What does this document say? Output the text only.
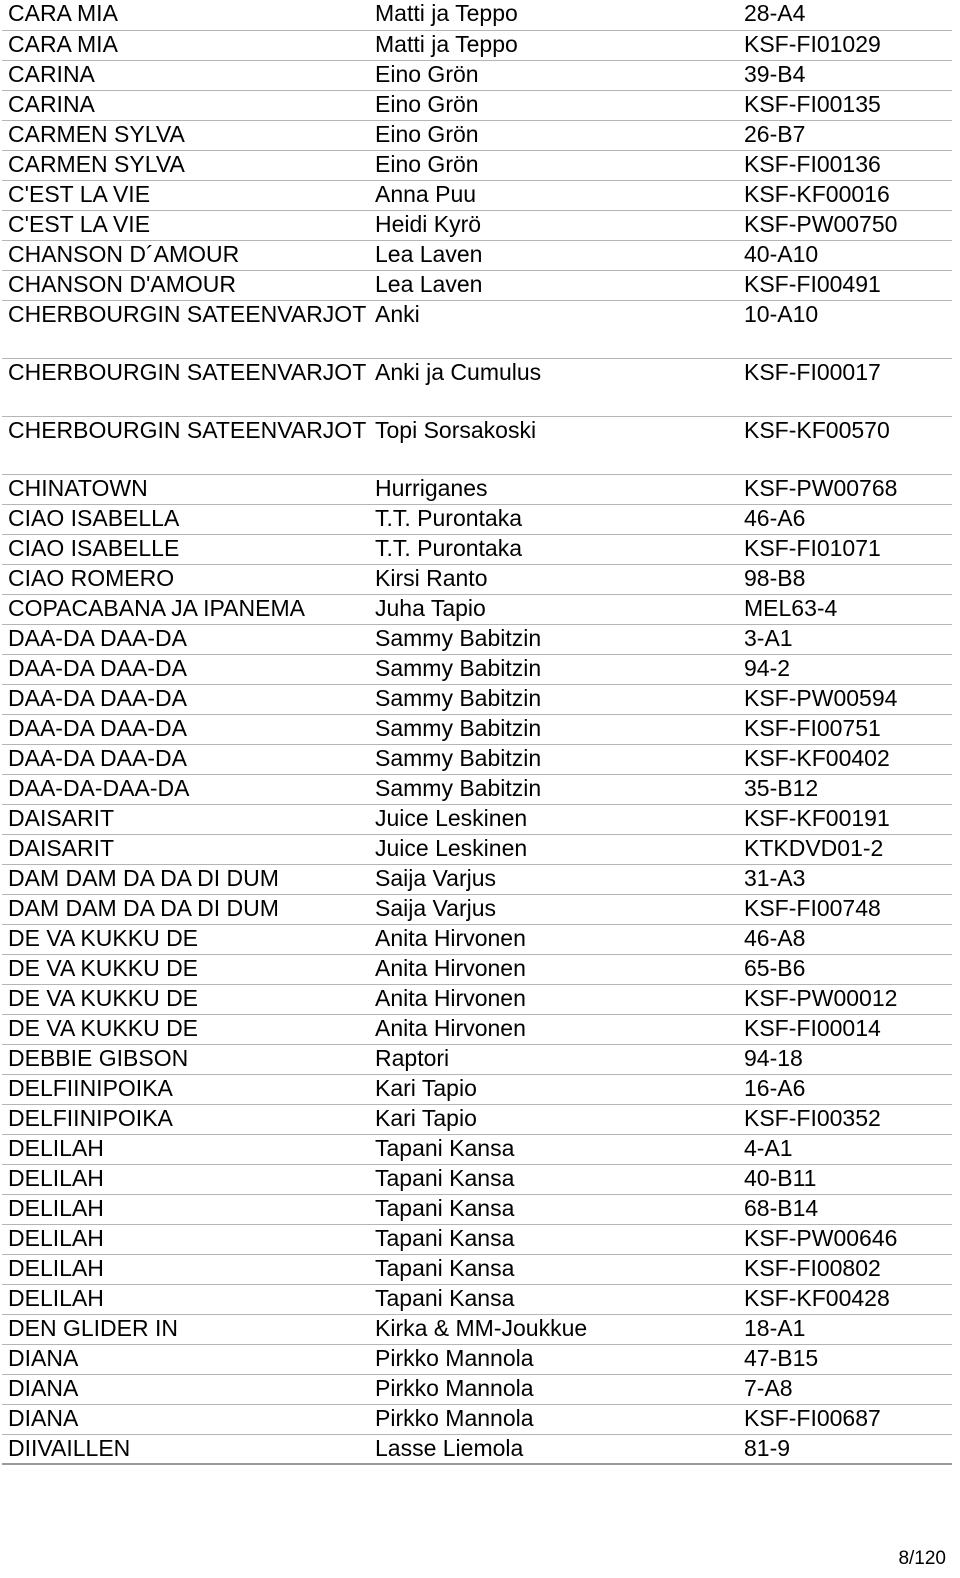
CARA MIA	Matti ja Teppo	28-A4
CARA MIA	Matti ja Teppo	KSF-FI01029
CARINA	Eino Grön	39-B4
CARINA	Eino Grön	KSF-FI00135
CARMEN SYLVA	Eino Grön	26-B7
CARMEN SYLVA	Eino Grön	KSF-FI00136
C'EST LA VIE	Anna Puu	KSF-KF00016
C'EST LA VIE	Heidi Kyrö	KSF-PW00750
CHANSON D´AMOUR	Lea Laven	40-A10
CHANSON D'AMOUR	Lea Laven	KSF-FI00491
CHERBOURGIN SATEENVARJOT	Anki	10-A10
CHERBOURGIN SATEENVARJOT	Anki ja Cumulus	KSF-FI00017
CHERBOURGIN SATEENVARJOT	Topi Sorsakoski	KSF-KF00570
CHINATOWN	Hurriganes	KSF-PW00768
CIAO ISABELLA	T.T. Purontaka	46-A6
CIAO ISABELLE	T.T. Purontaka	KSF-FI01071
CIAO ROMERO	Kirsi Ranto	98-B8
COPACABANA JA IPANEMA	Juha Tapio	MEL63-4
DAA-DA DAA-DA	Sammy Babitzin	3-A1
DAA-DA DAA-DA	Sammy Babitzin	94-2
DAA-DA DAA-DA	Sammy Babitzin	KSF-PW00594
DAA-DA DAA-DA	Sammy Babitzin	KSF-FI00751
DAA-DA DAA-DA	Sammy Babitzin	KSF-KF00402
DAA-DA-DAA-DA	Sammy Babitzin	35-B12
DAISARIT	Juice Leskinen	KSF-KF00191
DAISARIT	Juice Leskinen	KTKDVD01-2
DAM DAM DA DA DI DUM	Saija Varjus	31-A3
DAM DAM DA DA DI DUM	Saija Varjus	KSF-FI00748
DE VA KUKKU DE	Anita Hirvonen	46-A8
DE VA KUKKU DE	Anita Hirvonen	65-B6
DE VA KUKKU DE	Anita Hirvonen	KSF-PW00012
DE VA KUKKU DE	Anita Hirvonen	KSF-FI00014
DEBBIE GIBSON	Raptori	94-18
DELFIINIPOIKA	Kari Tapio	16-A6
DELFIINIPOIKA	Kari Tapio	KSF-FI00352
DELILAH	Tapani Kansa	4-A1
DELILAH	Tapani Kansa	40-B11
DELILAH	Tapani Kansa	68-B14
DELILAH	Tapani Kansa	KSF-PW00646
DELILAH	Tapani Kansa	KSF-FI00802
DELILAH	Tapani Kansa	KSF-KF00428
DEN GLIDER IN	Kirka & MM-Joukkue	18-A1
DIANA	Pirkko Mannola	47-B15
DIANA	Pirkko Mannola	7-A8
DIANA	Pirkko Mannola	KSF-FI00687
DIIVAILLEN	Lasse Liemola	81-9
8/120
